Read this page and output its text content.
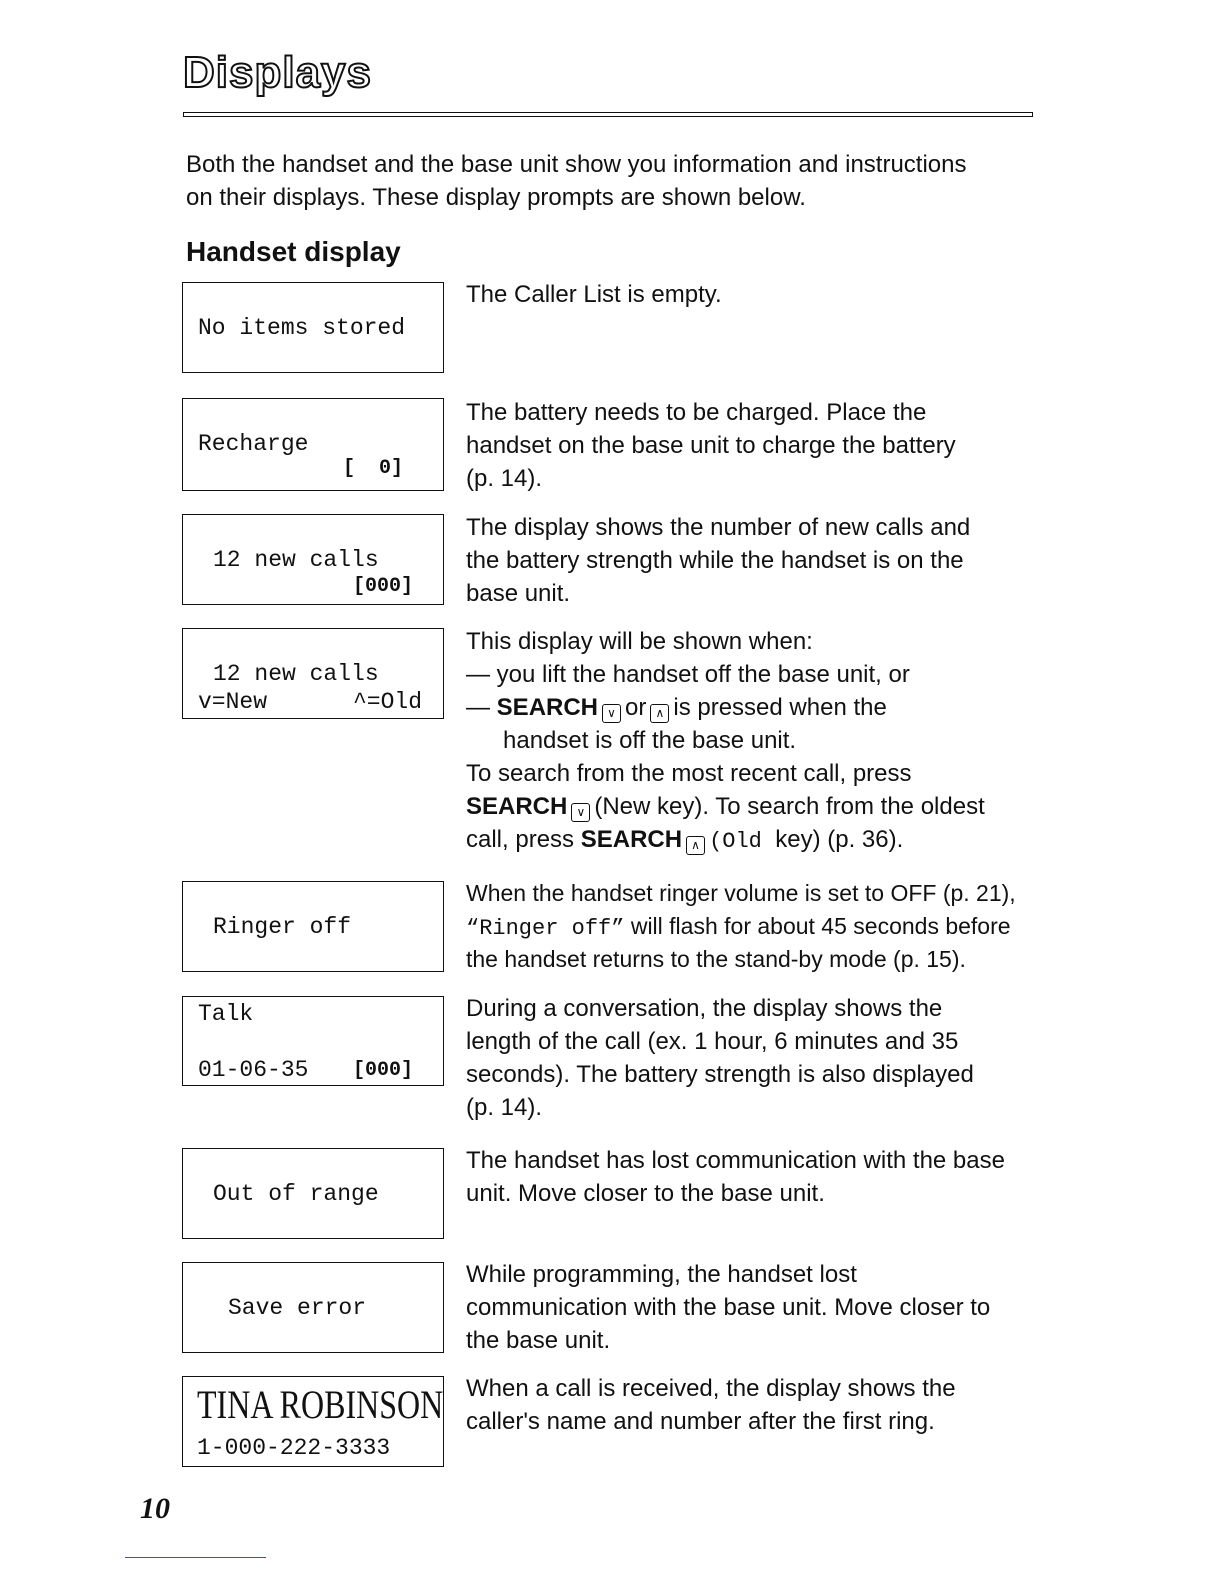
Displays
Both the handset and the base unit show you information and instructions
on their displays. These display prompts are shown below.
Handset display
No items stored
The Caller List is empty.
Recharge
[  0]
The battery needs to be charged. Place the
handset on the base unit to charge the battery
(p. 14).
12 new calls
[000]
The display shows the number of new calls and
the battery strength while the handset is on the
base unit.
12 new calls
v=New	^=Old
This display will be shown when:
— you lift the handset off the base unit, or
— SEARCH ∨ or ∧ is pressed when the
handset is off the base unit.
To search from the most recent call, press
SEARCH ∨ (New key). To search from the oldest
call, press SEARCH ∧ (Old key) (p. 36).
Ringer off
When the handset ringer volume is set to OFF (p. 21),
“Ringer off” will flash for about 45 seconds before
the handset returns to the stand-by mode (p. 15).
Talk
01-06-35 [000]
During a conversation, the display shows the
length of the call (ex. 1 hour, 6 minutes and 35
seconds). The battery strength is also displayed
(p. 14).
Out of range
The handset has lost communication with the base
unit. Move closer to the base unit.
Save error
While programming, the handset lost
communication with the base unit. Move closer to
the base unit.
TINA ROBINSON
1-000-222-3333
When a call is received, the display shows the
caller's name and number after the first ring.
10
